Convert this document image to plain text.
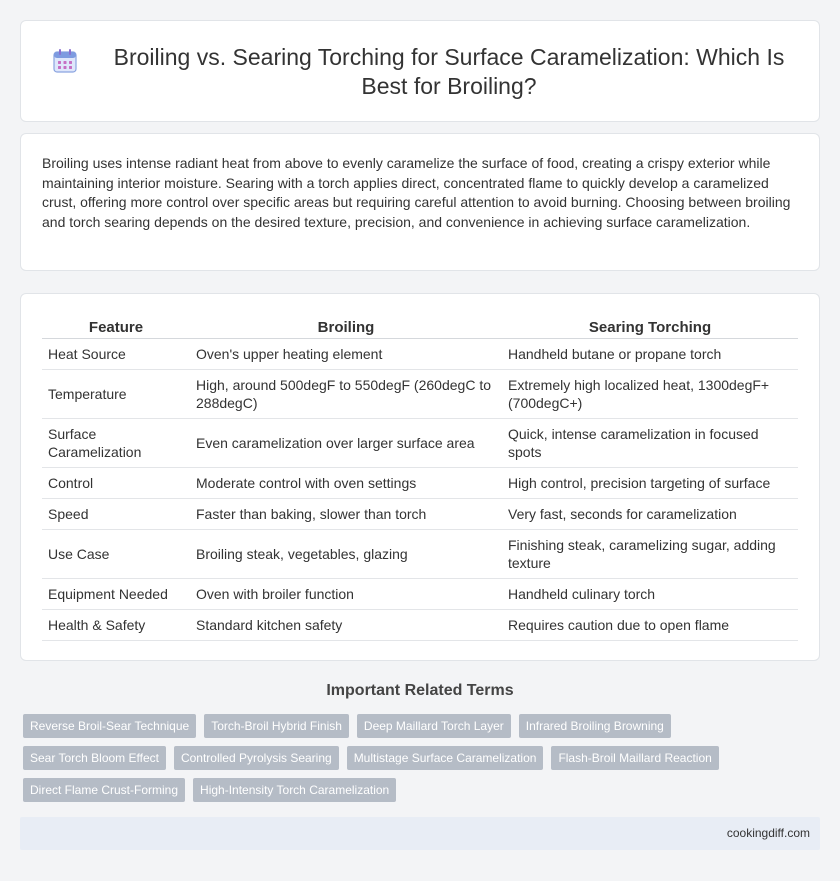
Broiling vs. Searing Torching for Surface Caramelization: Which Is Best for Broiling?

Broiling uses intense radiant heat from above to evenly caramelize the surface of food, creating a crispy exterior while maintaining interior moisture. Searing with a torch applies direct, concentrated flame to quickly develop a caramelized crust, offering more control over specific areas but requiring careful attention to avoid burning. Choosing between broiling and torch searing depends on the desired texture, precision, and convenience in achieving surface caramelization.

Feature	Broiling	Searing Torching
Heat Source	Oven's upper heating element	Handheld butane or propane torch
Temperature	High, around 500degF to 550degF (260degC to 288degC)	Extremely high localized heat, 1300degF+ (700degC+)
Surface Caramelization	Even caramelization over larger surface area	Quick, intense caramelization in focused spots
Control	Moderate control with oven settings	High control, precision targeting of surface
Speed	Faster than baking, slower than torch	Very fast, seconds for caramelization
Use Case	Broiling steak, vegetables, glazing	Finishing steak, caramelizing sugar, adding texture
Equipment Needed	Oven with broiler function	Handheld culinary torch
Health & Safety	Standard kitchen safety	Requires caution due to open flame
Important Related Terms
Reverse Broil-Sear Technique	Torch-Broil Hybrid Finish	Deep Maillard Torch Layer	Infrared Broiling Browning
Sear Torch Bloom Effect	Controlled Pyrolysis Searing	Multistage Surface Caramelization	Flash-Broil Maillard Reaction
Direct Flame Crust-Forming	High-Intensity Torch Caramelization
cookingdiff.com
